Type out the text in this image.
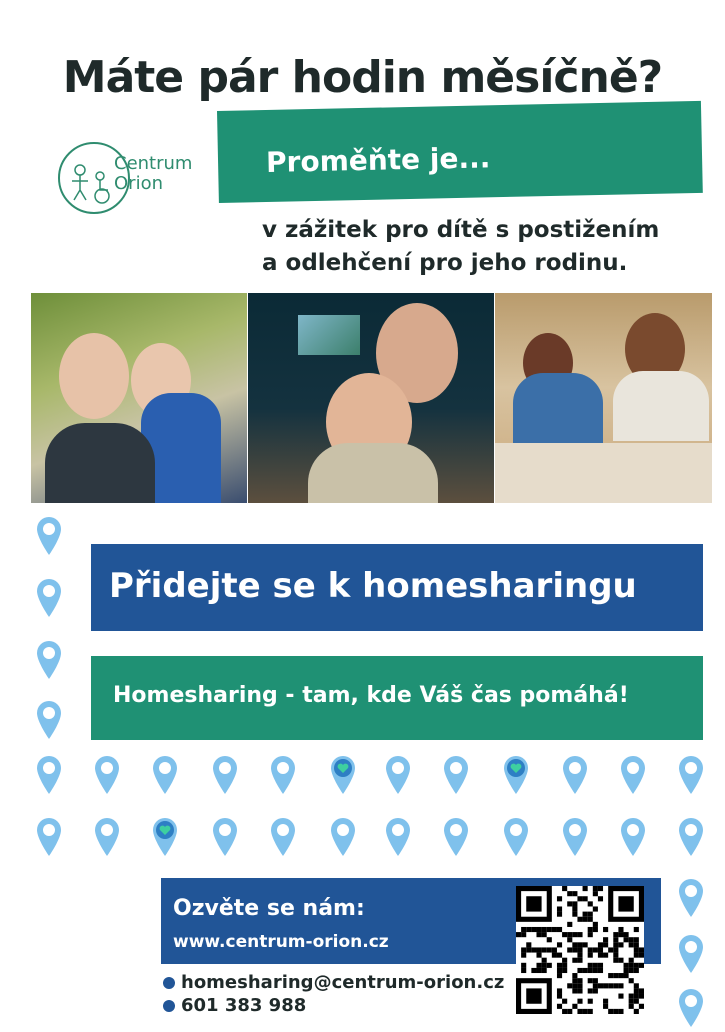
Máte pár hodin měsíčně?
Proměňte je...
Centrum
Orion
v zážitek pro dítě s postižením
a odlehčení pro jeho rodinu.
Přidejte se k homesharingu
Homesharing - tam, kde Váš čas pomáhá!
Ozvěte se nám:
www.centrum-orion.cz
homesharing@centrum-orion.cz
601 383 988
